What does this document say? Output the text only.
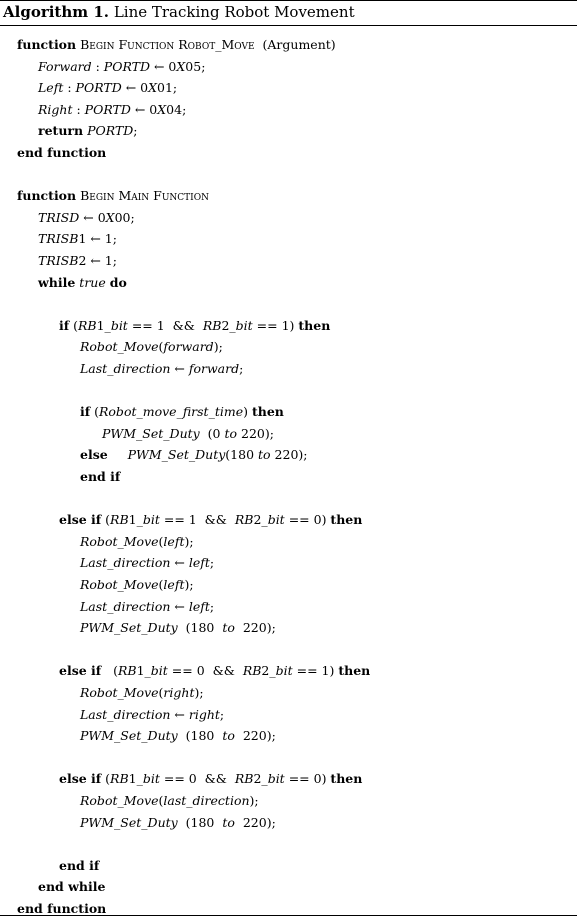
Algorithm 1. Line Tracking Robot Movement
function Begin Function Robot_Move  (Argument)
Forward : PORTD ← 0X05;
Left : PORTD ← 0X01;
Right : PORTD ← 0X04;
return PORTD;
end function
function Begin Main Function
TRISD ← 0X00;
TRISB1 ← 1;
TRISB2 ← 1;
while true do
if (RB1_bit == 1  &&  RB2_bit == 1) then
Robot_Move(forward);
Last_direction ← forward;
if (Robot_move_first_time) then
PWM_Set_Duty  (0 to 220);
else PWM_Set_Duty(180 to 220);
end if
else if (RB1_bit == 1  &&  RB2_bit == 0) then
Robot_Move(left);
Last_direction ← left;
Robot_Move(left);
Last_direction ← left;
PWM_Set_Duty  (180  to  220);
else if   (RB1_bit == 0  &&  RB2_bit == 1) then
Robot_Move(right);
Last_direction ← right;
PWM_Set_Duty  (180  to  220);
else if (RB1_bit == 0  &&  RB2_bit == 0) then
Robot_Move(last_direction);
PWM_Set_Duty  (180  to  220);
end if
end while
end function
